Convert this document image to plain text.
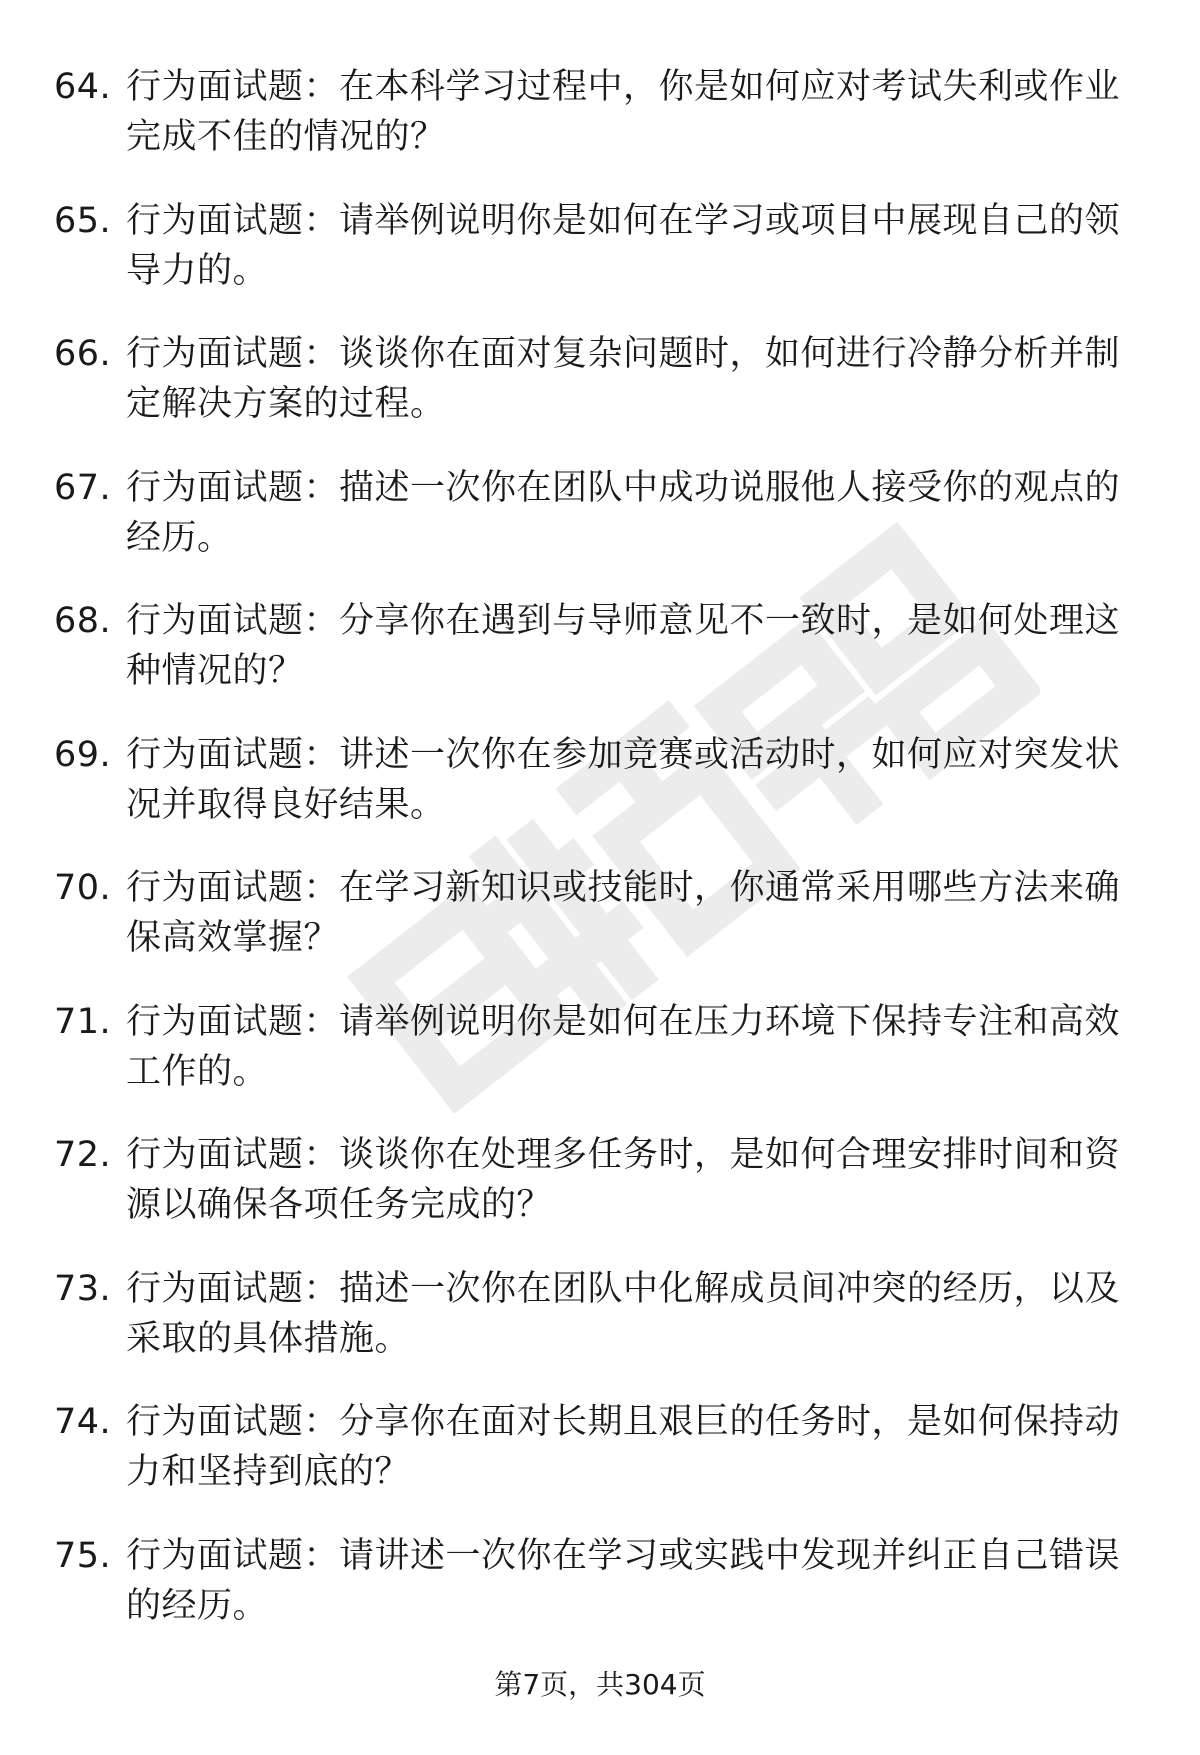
64. 行为面试题：在本科学习过程中，你是如何应对考试失利或作业完成不佳的情况的？
65. 行为面试题：请举例说明你是如何在学习或项目中展现自己的领导力的。
66. 行为面试题：谈谈你在面对复杂问题时，如何进行冷静分析并制定解决方案的过程。
67. 行为面试题：描述一次你在团队中成功说服他人接受你的观点的经历。
68. 行为面试题：分享你在遇到与导师意见不一致时，是如何处理这种情况的？
69. 行为面试题：讲述一次你在参加竞赛或活动时，如何应对突发状况并取得良好结果。
70. 行为面试题：在学习新知识或技能时，你通常采用哪些方法来确保高效掌握？
71. 行为面试题：请举例说明你是如何在压力环境下保持专注和高效工作的。
72. 行为面试题：谈谈你在处理多任务时，是如何合理安排时间和资源以确保各项任务完成的？
73. 行为面试题：描述一次你在团队中化解成员间冲突的经历，以及采取的具体措施。
74. 行为面试题：分享你在面对长期且艰巨的任务时，是如何保持动力和坚持到底的？
75. 行为面试题：请讲述一次你在学习或实践中发现并纠正自己错误的经历。
第7页，共304页
